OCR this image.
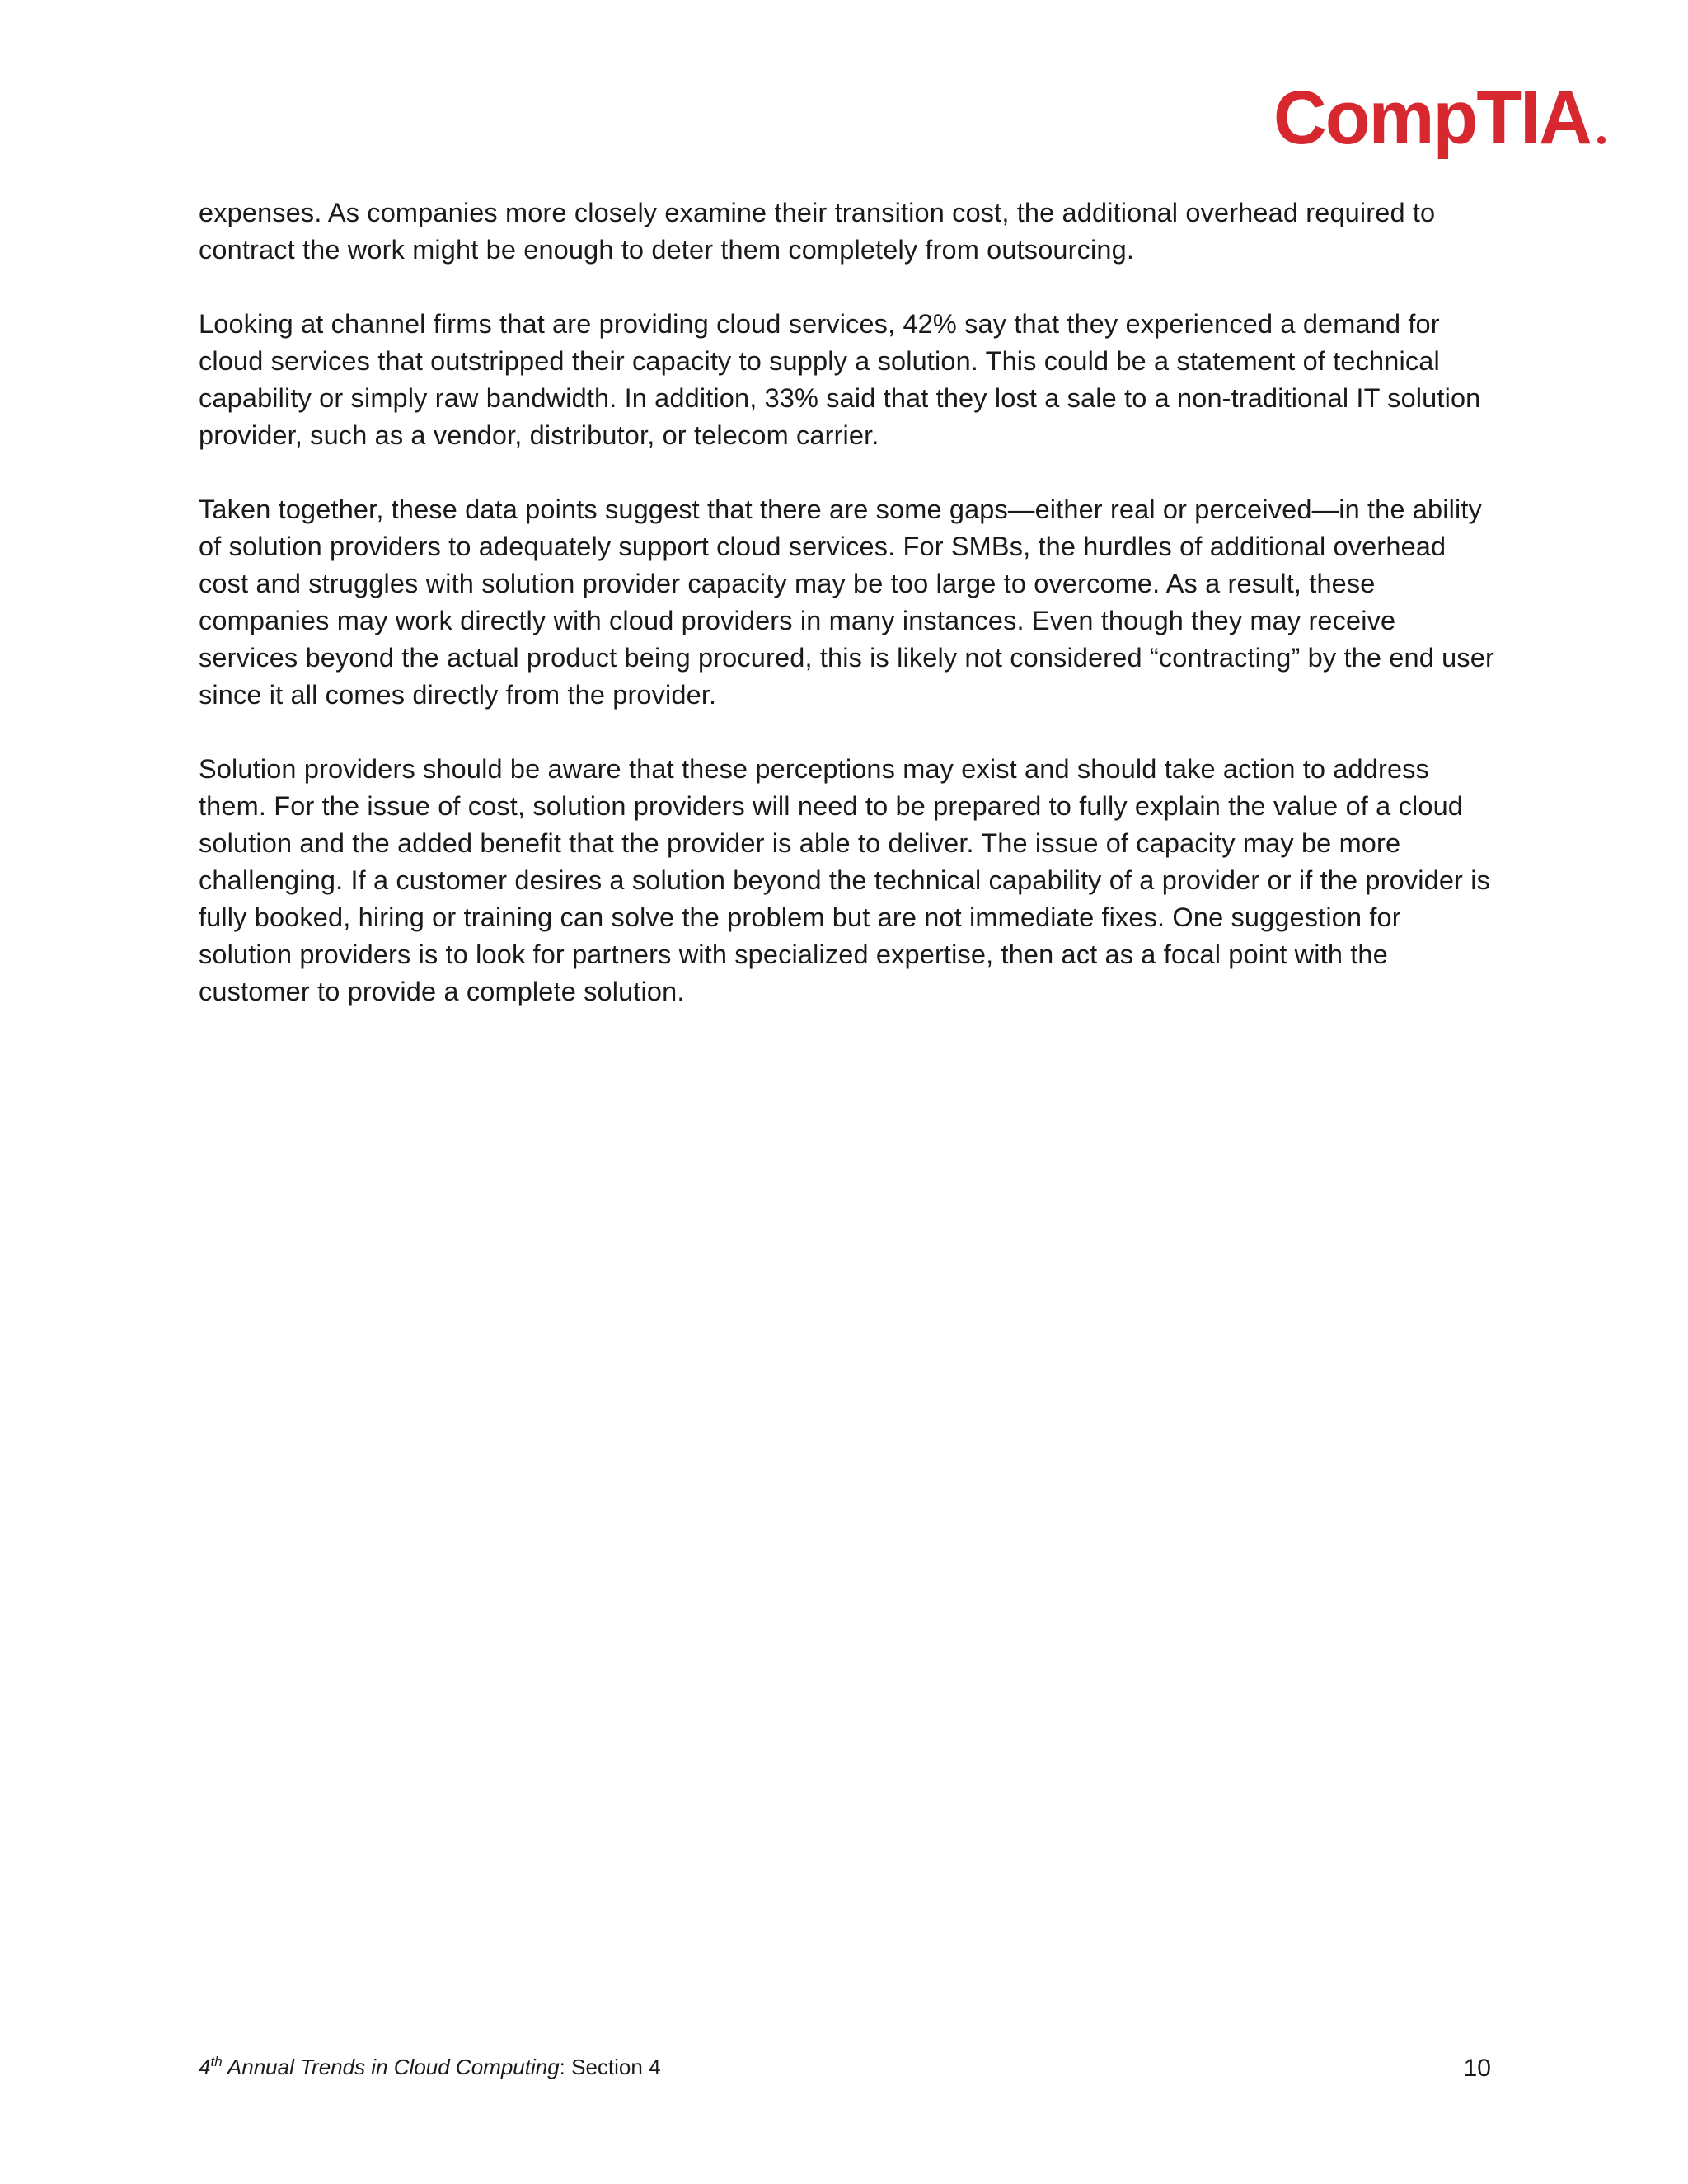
CompTIA

expenses. As companies more closely examine their transition cost, the additional overhead required to contract the work might be enough to deter them completely from outsourcing.

Looking at channel firms that are providing cloud services, 42% say that they experienced a demand for cloud services that outstripped their capacity to supply a solution. This could be a statement of technical capability or simply raw bandwidth. In addition, 33% said that they lost a sale to a non-traditional IT solution provider, such as a vendor, distributor, or telecom carrier.

Taken together, these data points suggest that there are some gaps—either real or perceived—in the ability of solution providers to adequately support cloud services. For SMBs, the hurdles of additional overhead cost and struggles with solution provider capacity may be too large to overcome. As a result, these companies may work directly with cloud providers in many instances. Even though they may receive services beyond the actual product being procured, this is likely not considered “contracting” by the end user since it all comes directly from the provider.

Solution providers should be aware that these perceptions may exist and should take action to address them. For the issue of cost, solution providers will need to be prepared to fully explain the value of a cloud solution and the added benefit that the provider is able to deliver. The issue of capacity may be more challenging. If a customer desires a solution beyond the technical capability of a provider or if the provider is fully booked, hiring or training can solve the problem but are not immediate fixes. One suggestion for solution providers is to look for partners with specialized expertise, then act as a focal point with the customer to provide a complete solution.

4th Annual Trends in Cloud Computing: Section 4	10
